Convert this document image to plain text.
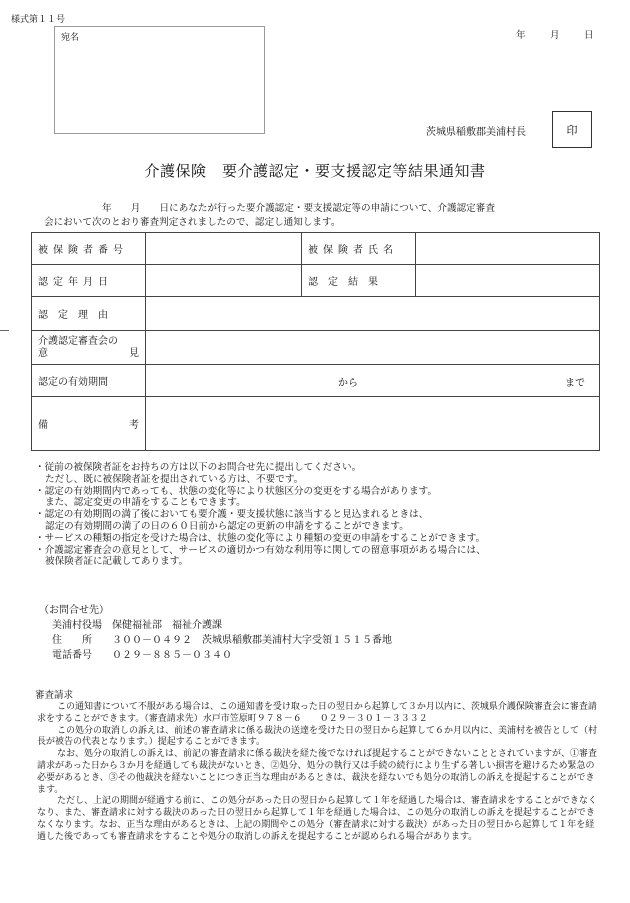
様式第１１号
宛名	年	月	日
茨城県稲敷郡美浦村長	印
介護保険　要介護認定・要支援認定等結果通知書
年　　月　　日にあなたが行った要介護認定・要支援認定等の申請について、介護認定審査
会において次のとおり審査判定されましたので、認定し通知します。
被保険者番号		被保険者氏名	
認定年月日		認　定　結　果	
認　定　理　由			

介護認定審査会の
意 見			

認定の有効期間	から まで		

備 考			

・従前の被保険者証をお持ちの方は以下のお問合せ先に提出してください。
ただし、既に被保険者証を提出されている方は、不要です。
・認定の有効期間内であっても、状態の変化等により状態区分の変更をする場合があります。
また、認定変更の申請をすることもできます。
・認定の有効期間の満了後においても要介護・要支援状態に該当すると見込まれるときは、
認定の有効期間の満了の日の６０日前から認定の更新の申請をすることができます。
・サービスの種類の指定を受けた場合は、状態の変化等により種類の変更の申請をすることができます。
・介護認定審査会の意見として、サービスの適切かつ有効な利用等に関しての留意事項がある場合には、
被保険者証に記載してあります。
（お問合せ先）
美浦村役場　保健福祉部　福祉介護課
住　　所	３００－０４９２　茨城県稲敷郡美浦村大字受領１５１５番地
電話番号	０２９－８８５－０３４０
審査請求
この通知書について不服がある場合は、この通知書を受け取った日の翌日から起算して３か月以内に、茨城県介護保険審査会に審査請求をすることができます。（審査請求先）水戸市笠原町９７８－６　　０２９－３０１－３３３２
この処分の取消しの訴えは、前述の審査請求に係る裁決の送達を受けた日の翌日から起算して６か月以内に、美浦村を被告として（村長が被告の代表となります。）提起することができます。
なお、処分の取消しの訴えは、前記の審査請求に係る裁決を経た後でなければ提起することができないこととされていますが、①審査請求があった日から３か月を経過しても裁決がないとき、②処分、処分の執行又は手続の続行により生ずる著しい損害を避けるため緊急の必要があるとき、③その他裁決を経ないことにつき正当な理由があるときは、裁決を経ないでも処分の取消しの訴えを提起することができます。
ただし、上記の期間が経過する前に、この処分があった日の翌日から起算して１年を経過した場合は、審査請求をすることができなくなり、また、審査請求に対する裁決のあった日の翌日から起算して１年を経過した場合は、この処分の取消しの訴えを提起することができなくなります。なお、正当な理由があるときは、上記の期間やこの処分（審査請求に対する裁決）があった日の翌日から起算して１年を経過した後であっても審査請求をすることや処分の取消しの訴えを提起することが認められる場合があります。
